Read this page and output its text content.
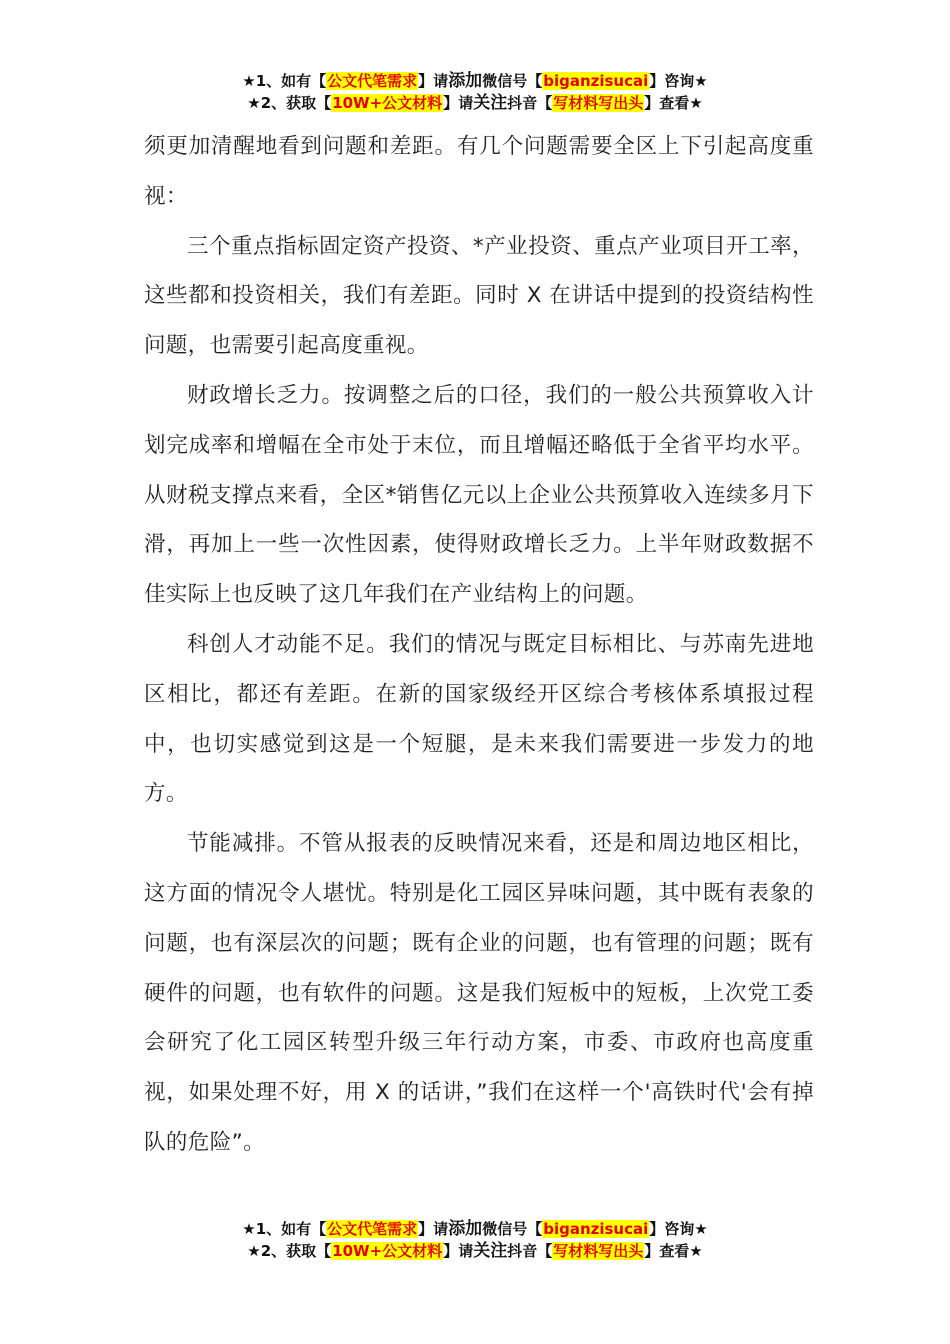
★1、如有【公文代笔需求】请添加微信号【biganzisucai】咨询★
★2、获取【10W+公文材料】请关注抖音【写材料写出头】查看★

须更加清醒地看到问题和差距。有几个问题需要全区上下引起高度重视：

三个重点指标固定资产投资、*产业投资、重点产业项目开工率，这些都和投资相关，我们有差距。同时 X 在讲话中提到的投资结构性问题，也需要引起高度重视。

财政增长乏力。按调整之后的口径，我们的一般公共预算收入计划完成率和增幅在全市处于末位，而且增幅还略低于全省平均水平。从财税支撑点来看，全区*销售亿元以上企业公共预算收入连续多月下滑，再加上一些一次性因素，使得财政增长乏力。上半年财政数据不佳实际上也反映了这几年我们在产业结构上的问题。

科创人才动能不足。我们的情况与既定目标相比、与苏南先进地区相比，都还有差距。在新的国家级经开区综合考核体系填报过程中，也切实感觉到这是一个短腿，是未来我们需要进一步发力的地方。

节能减排。不管从报表的反映情况来看，还是和周边地区相比，这方面的情况令人堪忧。特别是化工园区异味问题，其中既有表象的问题，也有深层次的问题；既有企业的问题，也有管理的问题；既有硬件的问题，也有软件的问题。这是我们短板中的短板，上次党工委会研究了化工园区转型升级三年行动方案，市委、市政府也高度重视，如果处理不好，用 X 的话讲，”我们在这样一个'高铁时代'会有掉队的危险”。

★1、如有【公文代笔需求】请添加微信号【biganzisucai】咨询★
★2、获取【10W+公文材料】请关注抖音【写材料写出头】查看★
